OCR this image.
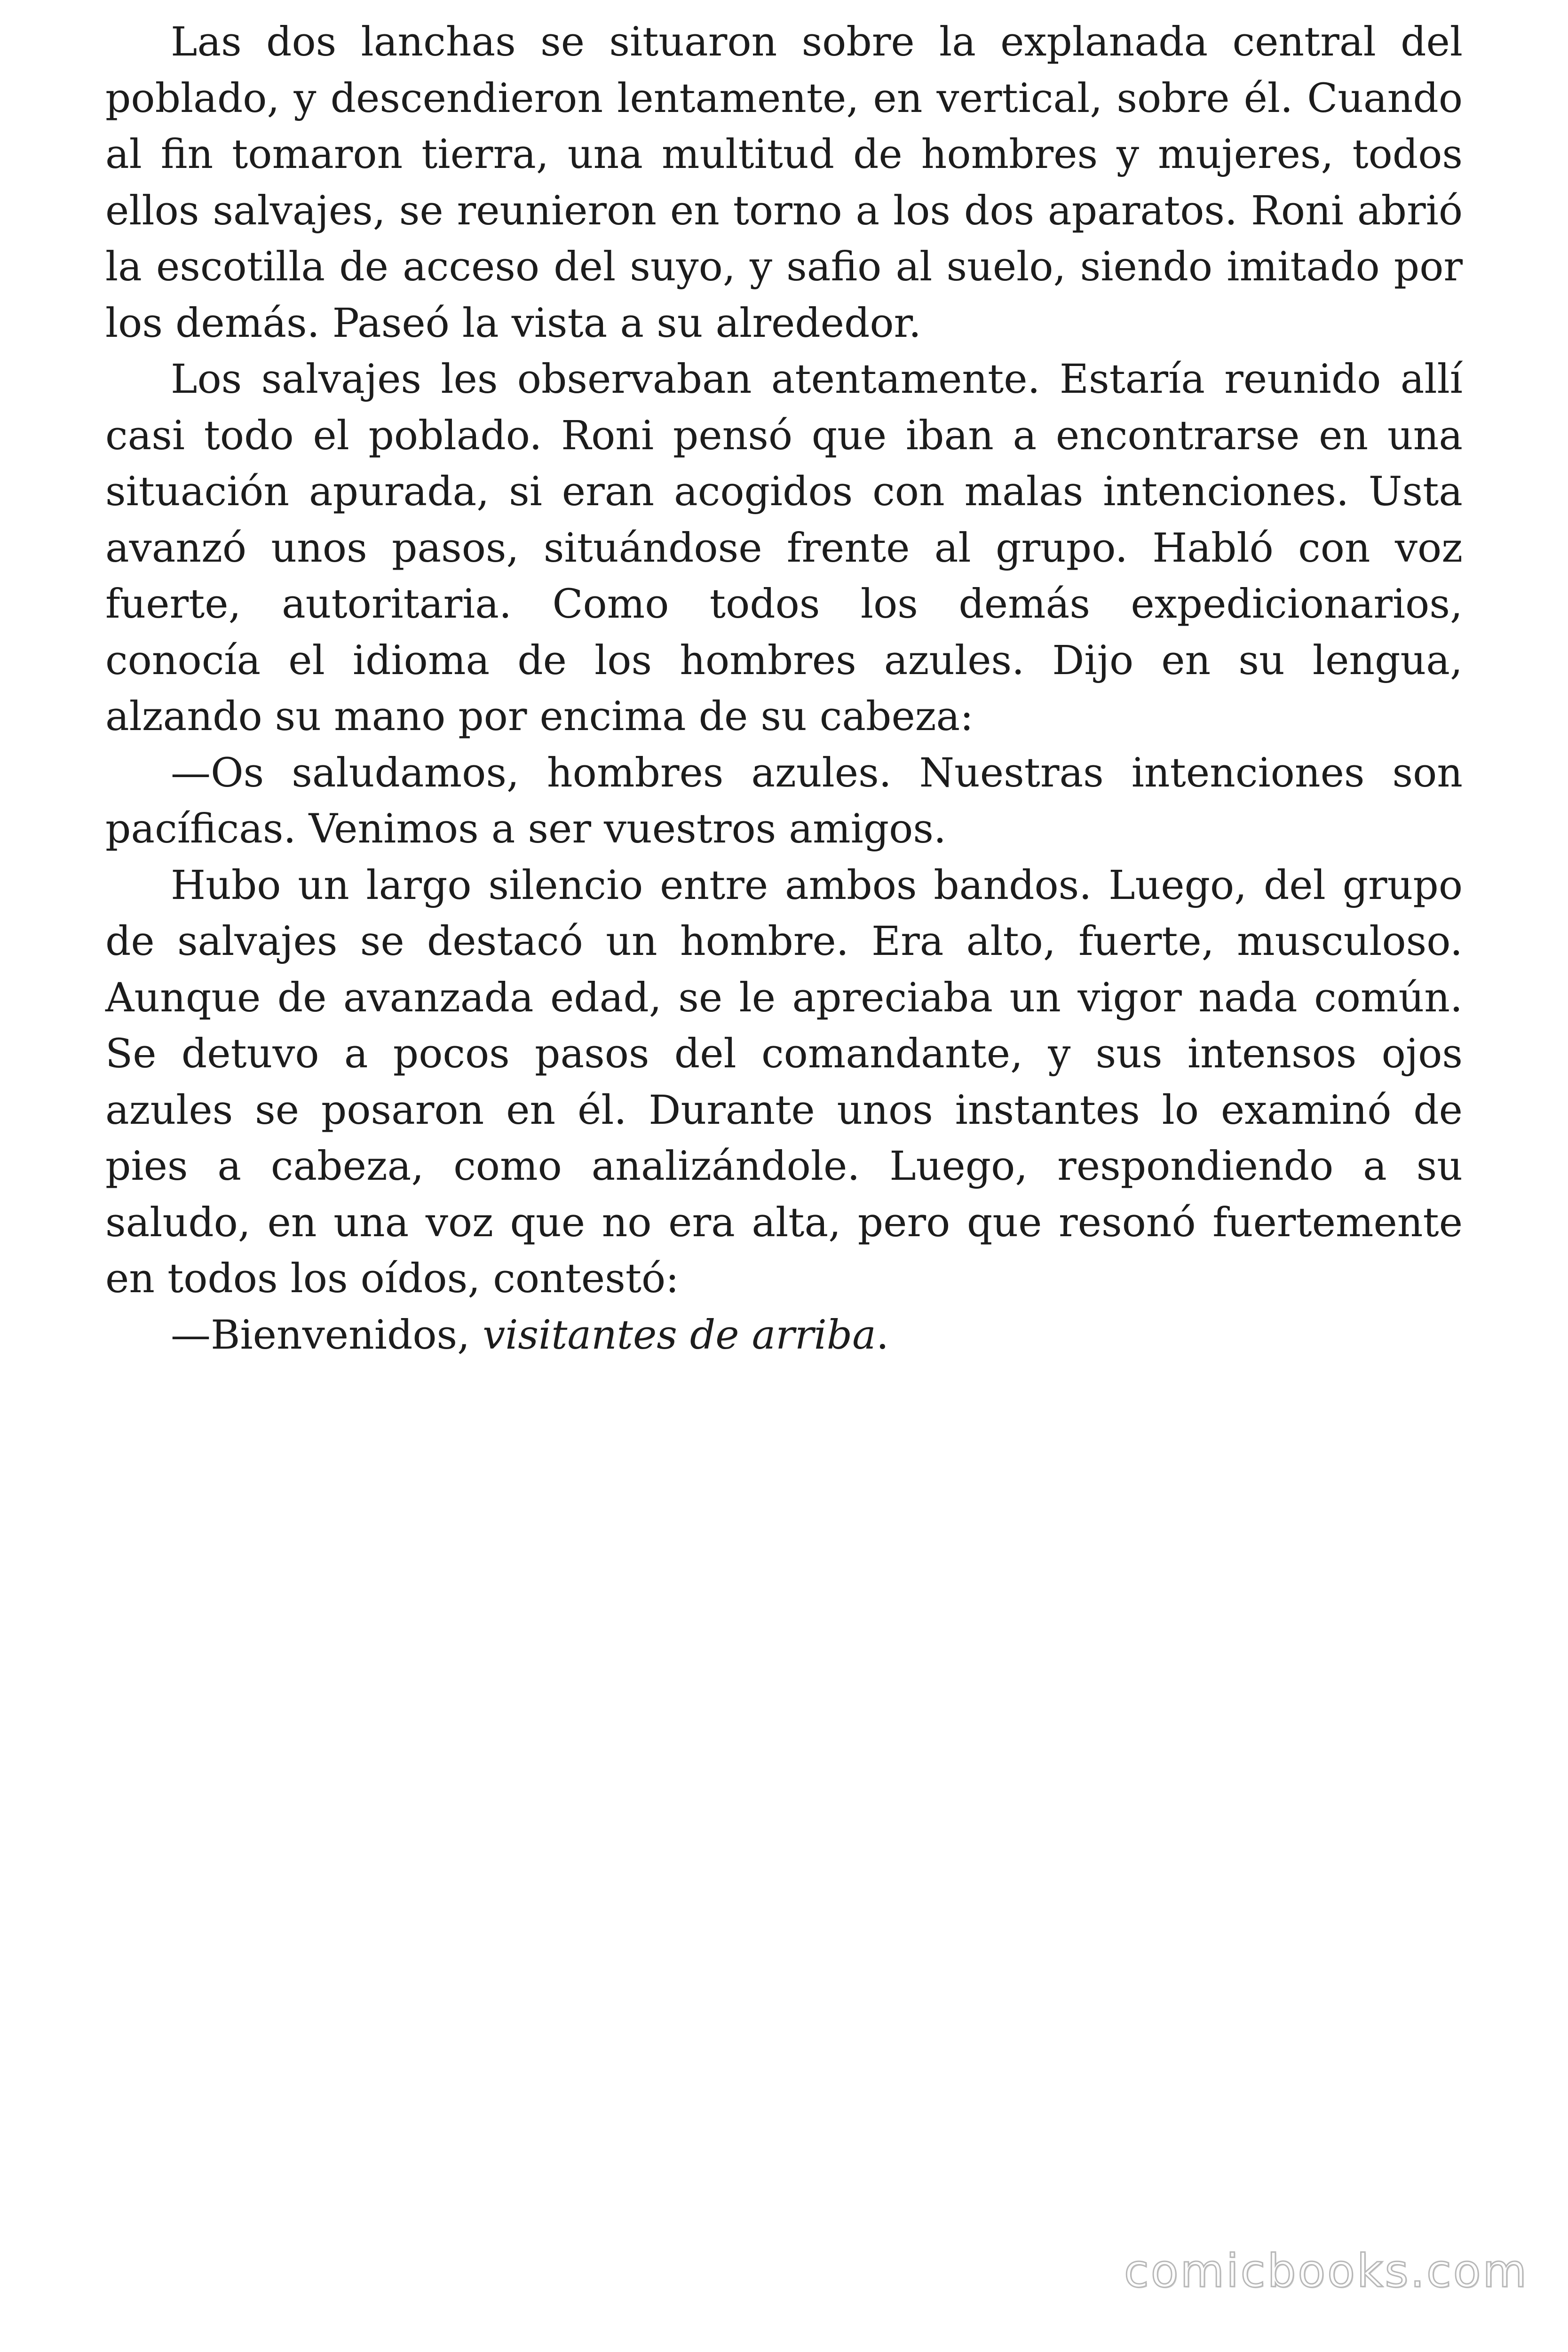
Las dos lanchas se situaron sobre la explanada central del poblado, y descendieron lentamente, en vertical, sobre él. Cuando al fin tomaron tierra, una multitud de hombres y mujeres, todos ellos salvajes, se reunieron en torno a los dos aparatos. Roni abrió la escotilla de acceso del suyo, y safio al suelo, siendo imitado por los demás. Paseó la vista a su alrededor.

Los salvajes les observaban atentamente. Estaría reunido allí casi todo el poblado. Roni pensó que iban a encontrarse en una situación apurada, si eran acogidos con malas intenciones. Usta avanzó unos pasos, situándose frente al grupo. Habló con voz fuerte, autoritaria. Como todos los demás expedicionarios, conocía el idioma de los hombres azules. Dijo en su lengua, alzando su mano por encima de su cabeza:

—Os saludamos, hombres azules. Nuestras intenciones son pacíficas. Venimos a ser vuestros amigos.

Hubo un largo silencio entre ambos bandos. Luego, del grupo de salvajes se destacó un hombre. Era alto, fuerte, musculoso. Aunque de avanzada edad, se le apreciaba un vigor nada común. Se detuvo a pocos pasos del comandante, y sus intensos ojos azules se posaron en él. Durante unos instantes lo examinó de pies a cabeza, como analizándole. Luego, respondiendo a su saludo, en una voz que no era alta, pero que resonó fuertemente en todos los oídos, contestó:

—Bienvenidos, visitantes de arriba.

comicbooks.com
